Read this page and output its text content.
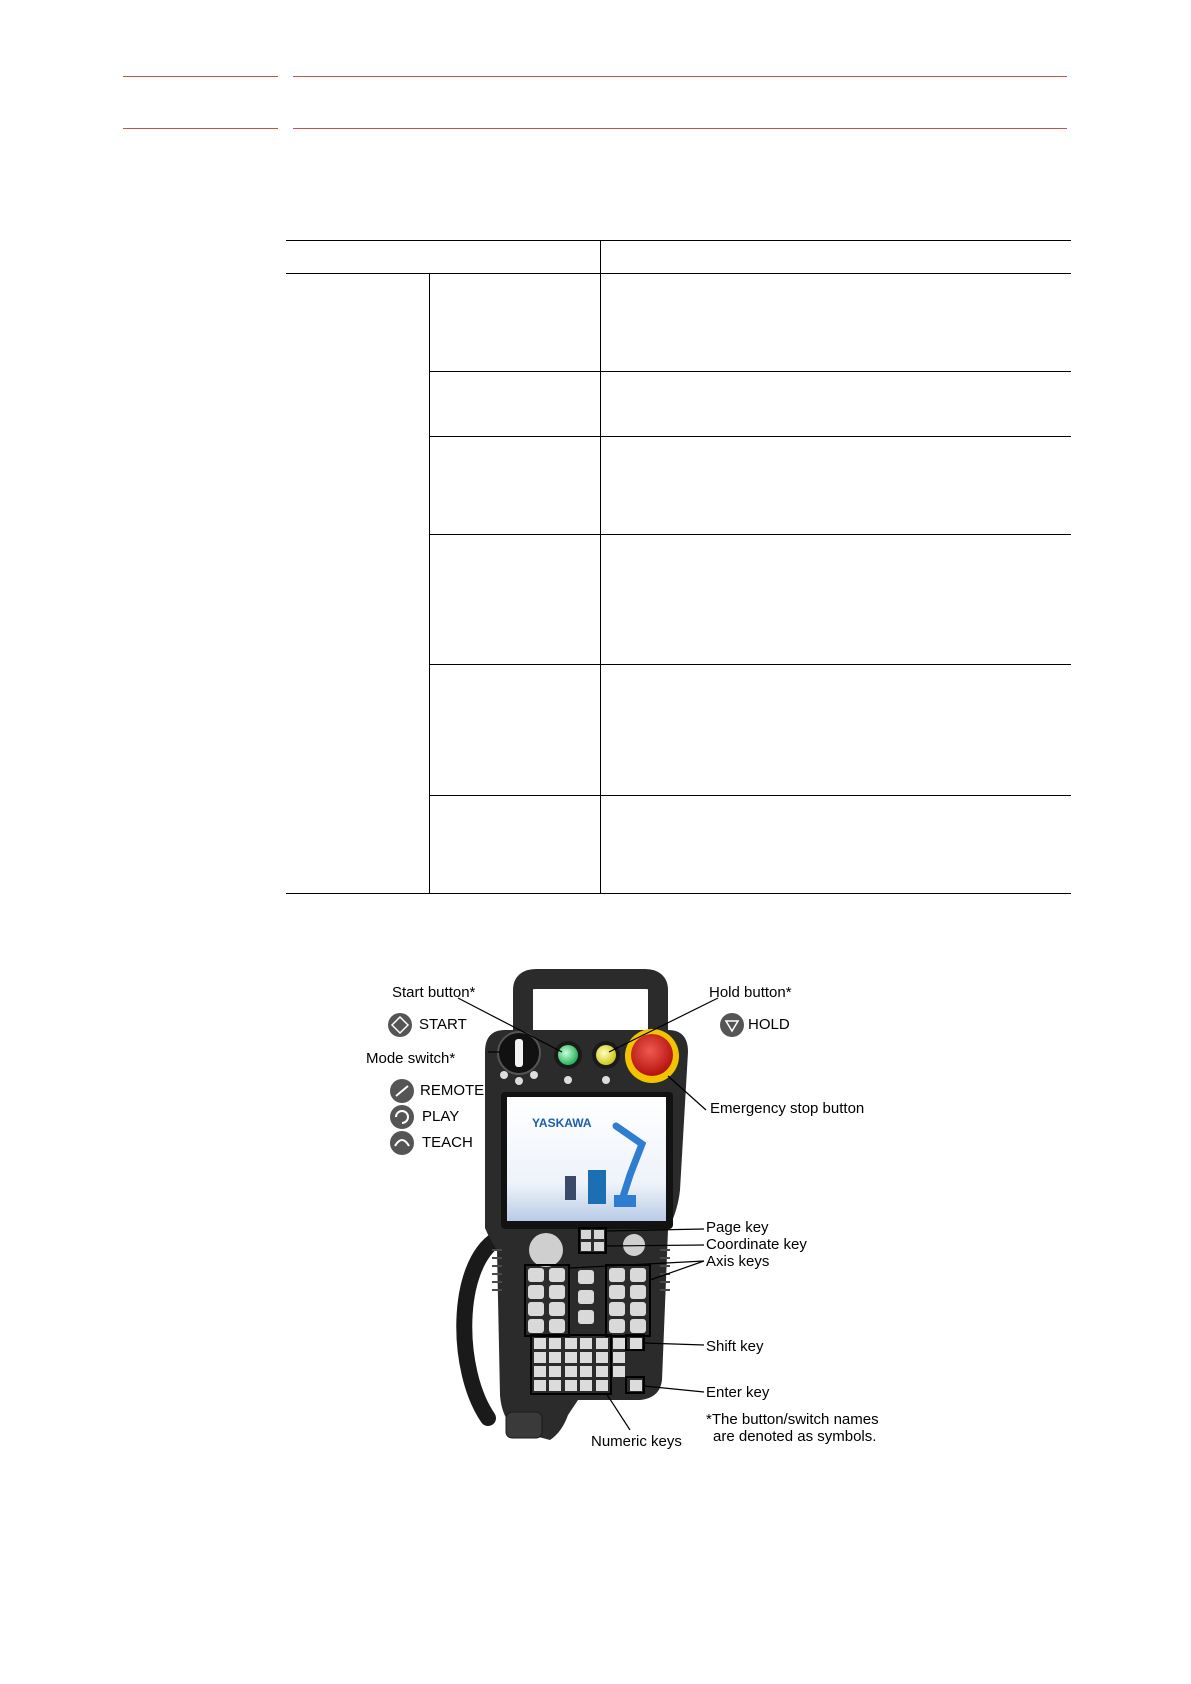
YASKAWA
Start button*	Hold button*
START	HOLD
Mode switch*
REMOTE
PLAY
TEACH
Emergency stop button
Page key
Coordinate key
Axis keys
Shift key
Enter key
*The button/switch names
are denoted as symbols.
Numeric keys
